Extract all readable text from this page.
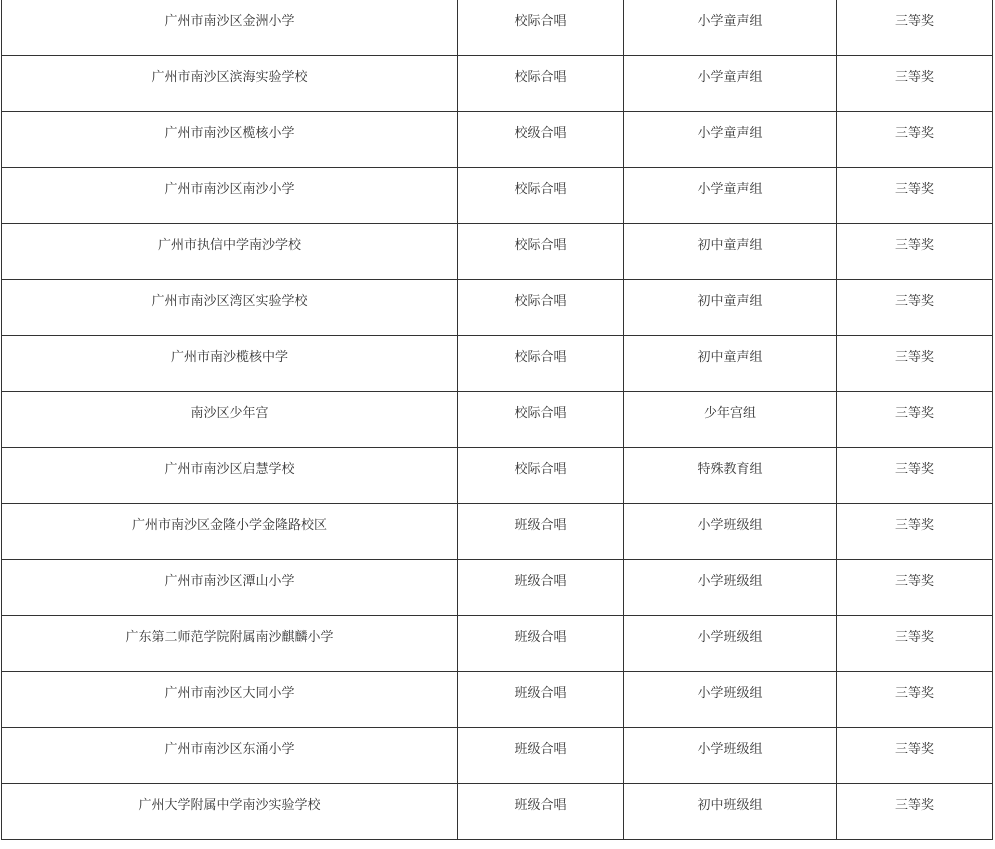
广州市南沙区金洲小学	校际合唱	小学童声组	三等奖
广州市南沙区滨海实验学校	校际合唱	小学童声组	三等奖
广州市南沙区榄核小学	校级合唱	小学童声组	三等奖
广州市南沙区南沙小学	校际合唱	小学童声组	三等奖
广州市执信中学南沙学校	校际合唱	初中童声组	三等奖
广州市南沙区湾区实验学校	校际合唱	初中童声组	三等奖
广州市南沙榄核中学	校际合唱	初中童声组	三等奖
南沙区少年宫	校际合唱	少年宫组	三等奖
广州市南沙区启慧学校	校际合唱	特殊教育组	三等奖
广州市南沙区金隆小学金隆路校区	班级合唱	小学班级组	三等奖
广州市南沙区潭山小学	班级合唱	小学班级组	三等奖
广东第二师范学院附属南沙麒麟小学	班级合唱	小学班级组	三等奖
广州市南沙区大同小学	班级合唱	小学班级组	三等奖
广州市南沙区东涌小学	班级合唱	小学班级组	三等奖
广州大学附属中学南沙实验学校	班级合唱	初中班级组	三等奖
